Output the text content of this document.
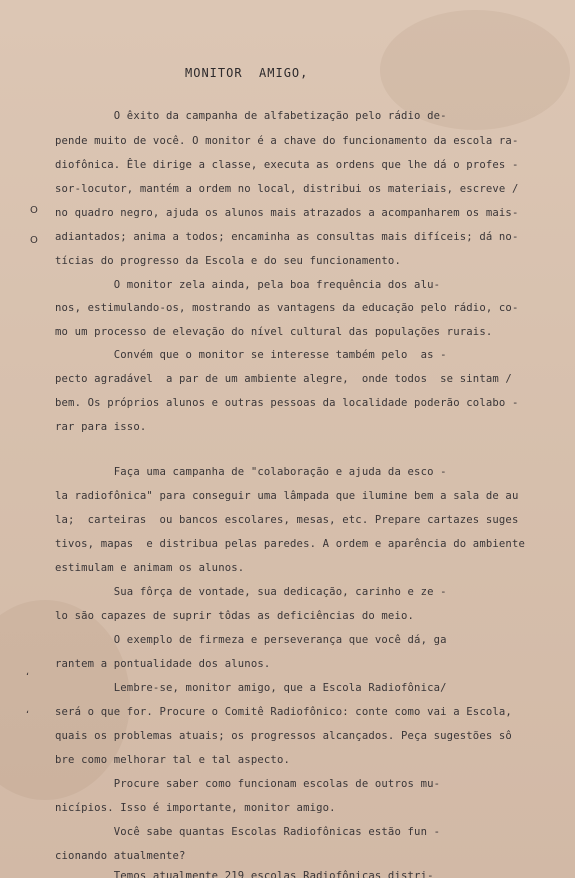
MONITOR  AMIGO,
O
O
ʻ
ʻ
O êxito da campanha de alfabetização pelo rádio de-
pende muito de você. O monitor é a chave do funcionamento da escola ra-
diofônica. Êle dirige a classe, executa as ordens que lhe dá o profes -
sor-locutor, mantém a ordem no local, distribui os materiais, escreve /
no quadro negro, ajuda os alunos mais atrazados a acompanharem os mais-
adiantados; anima a todos; encaminha as consultas mais difíceis; dá no-
tícias do progresso da Escola e do seu funcionamento.
O monitor zela ainda, pela boa frequência dos alu-
nos, estimulando-os, mostrando as vantagens da educação pelo rádio, co-
mo um processo de elevação do nível cultural das populações rurais.
Convém que o monitor se interesse também pelo  as -
pecto agradável  a par de um ambiente alegre,  onde todos  se sintam /
bem. Os próprios alunos e outras pessoas da localidade poderão colabo -
rar para isso.
Faça uma campanha de "colaboração e ajuda da esco -
la radiofônica" para conseguir uma lâmpada que ilumine bem a sala de au
la;  carteiras  ou bancos escolares, mesas, etc. Prepare cartazes suges
tivos, mapas  e distribua pelas paredes. A ordem e aparência do ambiente
estimulam e animam os alunos.
Sua fôrça de vontade, sua dedicação, carinho e ze -
lo são capazes de suprir tôdas as deficiências do meio.
O exemplo de firmeza e perseverança que você dá, ga
rantem a pontualidade dos alunos.
Lembre-se, monitor amigo, que a Escola Radiofônica/
será o que for. Procure o Comitê Radiofônico: conte como vai a Escola,
quais os problemas atuais; os progressos alcançados. Peça sugestões sô
bre como melhorar tal e tal aspecto.
Procure saber como funcionam escolas de outros mu-
nicípios. Isso é importante, monitor amigo.
Você sabe quantas Escolas Radiofônicas estão fun -
cionando atualmente?
Temos atualmente 219 escolas Radiofônicas distri-
